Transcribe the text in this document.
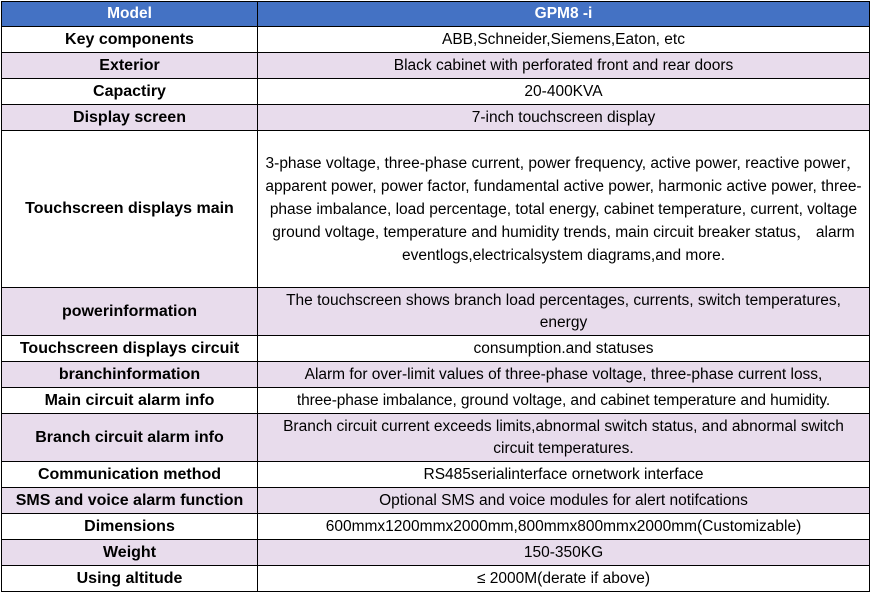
Model	GPM8 -i
Key components	ABB,Schneider,Siemens,Eaton, etc
Exterior	Black cabinet with perforated front and rear doors
Capactiry	20-400KVA
Display screen	7-inch touchscreen display
Touchscreen displays main	3-phase voltage, three-phase current, power frequency, active power, reactive power， apparent power, power factor, fundamental active power, harmonic active power, three-phase imbalance, load percentage, total energy, cabinet temperature, current, voltage ground voltage, temperature and humidity trends, main circuit breaker status， alarm eventlogs,electricalsystem diagrams,and more.
powerinformation	The touchscreen shows branch load percentages, currents, switch temperatures, energy
Touchscreen displays circuit	consumption.and statuses
branchinformation	Alarm for over-limit values of three-phase voltage, three-phase current loss,
Main circuit alarm info	three-phase imbalance, ground voltage, and cabinet temperature and humidity.
Branch circuit alarm info	Branch circuit current exceeds limits,abnormal switch status, and abnormal switch circuit temperatures.
Communication method	RS485serialinterface ornetwork interface
SMS and voice alarm function	Optional SMS and voice modules for alert notifcations
Dimensions	600mmx1200mmx2000mm,800mmx800mmx2000mm(Customizable)
Weight	150-350KG
Using altitude	≤ 2000M(derate if above)
